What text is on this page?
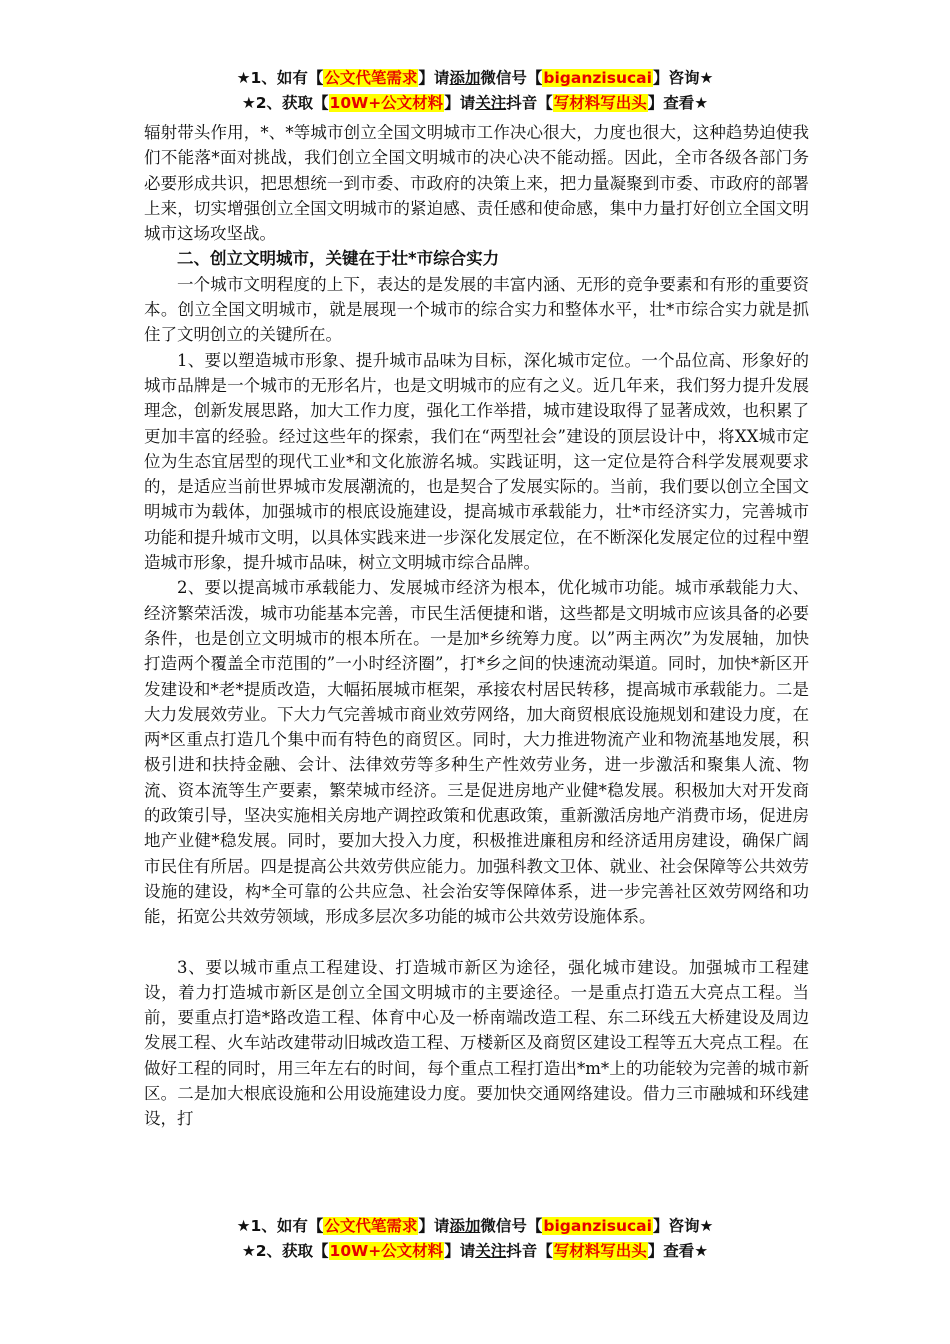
★1、如有【公文代笔需求】请添加微信号【biganzisucai】咨询★
★2、获取【10W+公文材料】请关注抖音【写材料写出头】查看★

辐射带头作用，*、*等城市创立全国文明城市工作决心很大，力度也很大，这种趋势迫使我们不能落*面对挑战，我们创立全国文明城市的决心决不能动摇。因此，全市各级各部门务必要形成共识，把思想统一到市委、市政府的决策上来，把力量凝聚到市委、市政府的部署上来，切实增强创立全国文明城市的紧迫感、责任感和使命感，集中力量打好创立全国文明城市这场攻坚战。

二、创立文明城市，关键在于壮*市综合实力

一个城市文明程度的上下，表达的是发展的丰富内涵、无形的竞争要素和有形的重要资本。创立全国文明城市，就是展现一个城市的综合实力和整体水平，壮*市综合实力就是抓住了文明创立的关键所在。

1、要以塑造城市形象、提升城市品味为目标，深化城市定位。一个品位高、形象好的城市品牌是一个城市的无形名片，也是文明城市的应有之义。近几年来，我们努力提升发展理念，创新发展思路，加大工作力度，强化工作举措，城市建设取得了显著成效，也积累了更加丰富的经验。经过这些年的探索，我们在“两型社会”建设的顶层设计中，将XX城市定位为生态宜居型的现代工业*和文化旅游名城。实践证明，这一定位是符合科学发展观要求的，是适应当前世界城市发展潮流的，也是契合了发展实际的。当前，我们要以创立全国文明城市为载体，加强城市的根底设施建设，提高城市承载能力，壮*市经济实力，完善城市功能和提升城市文明，以具体实践来进一步深化发展定位，在不断深化发展定位的过程中塑造城市形象，提升城市品味，树立文明城市综合品牌。

2、要以提高城市承载能力、发展城市经济为根本，优化城市功能。城市承载能力大、经济繁荣活泼，城市功能基本完善，市民生活便捷和谐，这些都是文明城市应该具备的必要条件，也是创立文明城市的根本所在。一是加*乡统筹力度。以”两主两次”为发展轴，加快打造两个覆盖全市范围的”一小时经济圈”，打*乡之间的快速流动渠道。同时，加快*新区开发建设和*老*提质改造，大幅拓展城市框架，承接农村居民转移，提高城市承载能力。二是大力发展效劳业。下大力气完善城市商业效劳网络，加大商贸根底设施规划和建设力度，在两*区重点打造几个集中而有特色的商贸区。同时，大力推进物流产业和物流基地发展，积极引进和扶持金融、会计、法律效劳等多种生产性效劳业务，进一步激活和聚集人流、物流、资本流等生产要素，繁荣城市经济。三是促进房地产业健*稳发展。积极加大对开发商的政策引导，坚决实施相关房地产调控政策和优惠政策，重新激活房地产消费市场，促进房地产业健*稳发展。同时，要加大投入力度，积极推进廉租房和经济适用房建设，确保广阔市民住有所居。四是提高公共效劳供应能力。加强科教文卫体、就业、社会保障等公共效劳设施的建设，构*全可靠的公共应急、社会治安等保障体系，进一步完善社区效劳网络和功能，拓宽公共效劳领域，形成多层次多功能的城市公共效劳设施体系。

3、要以城市重点工程建设、打造城市新区为途径，强化城市建设。加强城市工程建设，着力打造城市新区是创立全国文明城市的主要途径。一是重点打造五大亮点工程。当前，要重点打造*路改造工程、体育中心及一桥南端改造工程、东二环线五大桥建设及周边发展工程、火车站改建带动旧城改造工程、万楼新区及商贸区建设工程等五大亮点工程。在做好工程的同时，用三年左右的时间，每个重点工程打造出*m*上的功能较为完善的城市新区。二是加大根底设施和公用设施建设力度。要加快交通网络建设。借力三市融城和环线建设，打

★1、如有【公文代笔需求】请添加微信号【biganzisucai】咨询★
★2、获取【10W+公文材料】请关注抖音【写材料写出头】查看★
